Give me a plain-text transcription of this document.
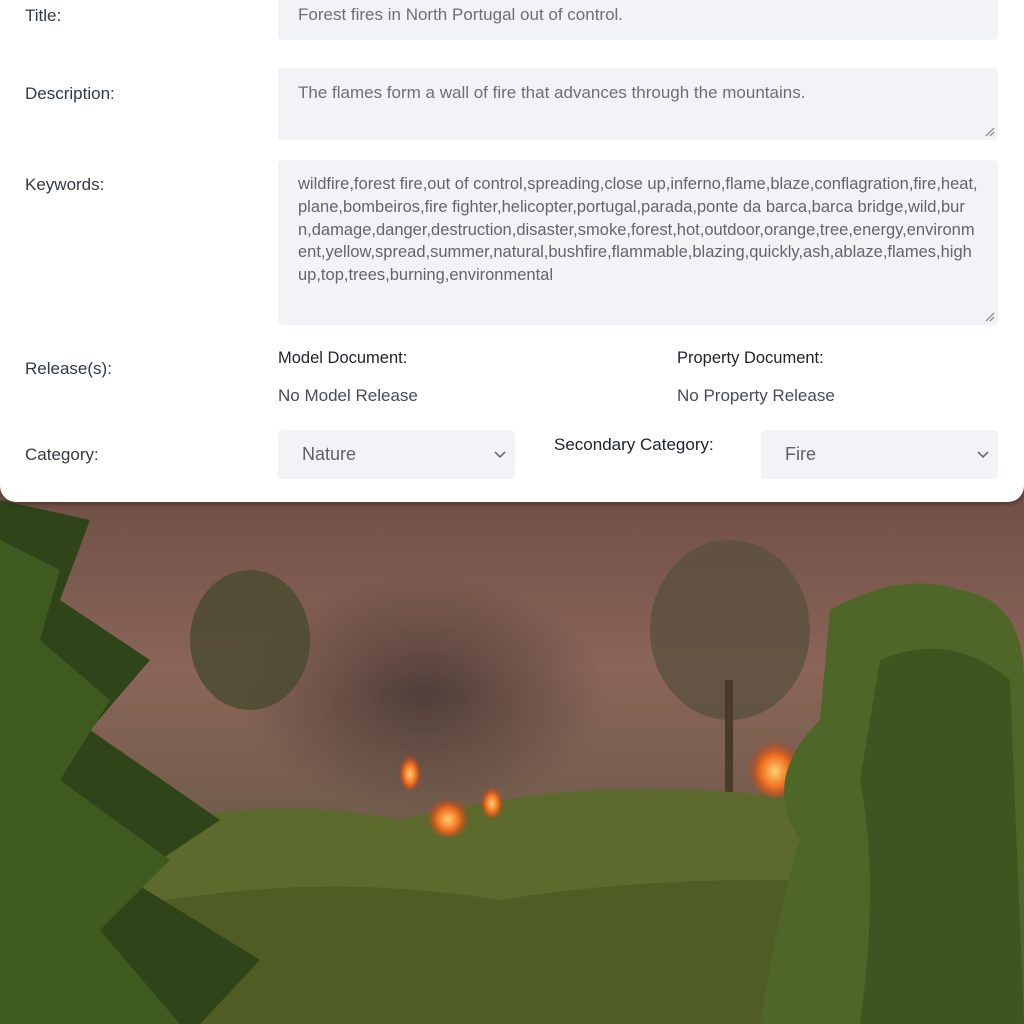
Title:	Forest fires in North Portugal out of control.
Description:	The flames form a wall of fire that advances through the mountains.
Keywords:	wildfire,forest fire,out of control,spreading,close up,inferno,flame,blaze,conflagration,fire,heat,plane,bombeiros,fire fighter,helicopter,portugal,parada,ponte da barca,barca bridge,wild,burn,damage,danger,destruction,disaster,smoke,forest,hot,outdoor,orange,tree,energy,environment,yellow,spread,summer,natural,bushfire,flammable,blazing,quickly,ash,ablaze,flames,high up,top,trees,burning,environmental
Release(s):
Model Document:
No Model Release
Property Document:
No Property Release
Category:	Nature	Secondary Category:	Fire
